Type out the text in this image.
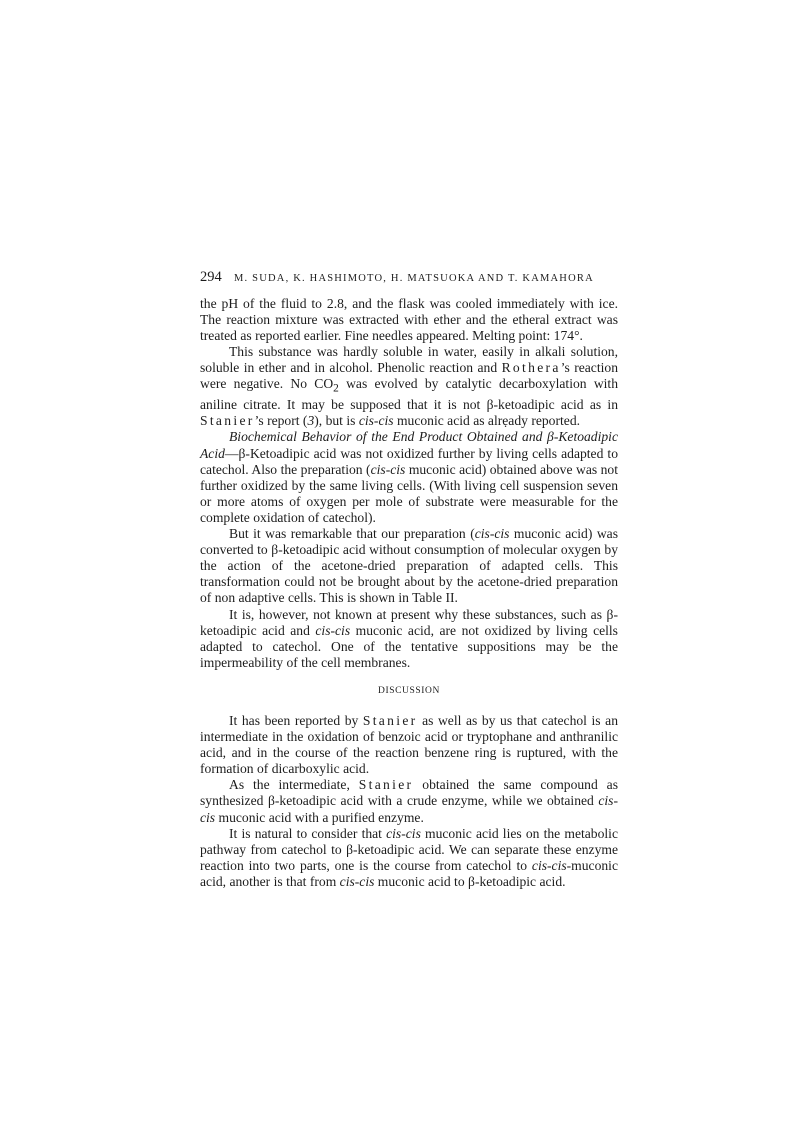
294 M. SUDA, K. HASHIMOTO, H. MATSUOKA AND T. KAMAHORA

the pH of the fluid to 2.8, and the flask was cooled immediately with ice. The reaction mixture was extracted with ether and the etheral extract was treated as reported earlier. Fine needles appeared. Melting point: 174°.

This substance was hardly soluble in water, easily in alkali solution, soluble in ether and in alcohol. Phenolic reaction and Rothera’s reaction were negative. No $CO_2$ was evolved by catalytic decarboxylation with aniline citrate. It may be supposed that it is not β-ketoadipic acid as in Stanier’s report (3), but is cis-cis muconic acid as alrẹady reported.

Biochemical Behavior of the End Product Obtained and β-Ketoadipic Acid—β-Ketoadipic acid was not oxidized further by living cells adapted to catechol. Also the preparation (cis-cis muconic acid) obtained above was not further oxidized by the same living cells. (With living cell suspension seven or more atoms of oxygen per mole of substrate were measurable for the complete oxidation of catechol).

But it was remarkable that our preparation (cis-cis muconic acid) was converted to β-ketoadipic acid without consumption of molecular oxygen by the action of the acetone-dried preparation of adapted cells. This transformation could not be brought about by the acetone-dried preparation of non adaptive cells. This is shown in Table II.

It is, however, not known at present why these substances, such as β-ketoadipic acid and cis-cis muconic acid, are not oxidized by living cells adapted to catechol. One of the tentative suppositions may be the impermeability of the cell membranes.

DISCUSSION

It has been reported by Stanier as well as by us that catechol is an intermediate in the oxidation of benzoic acid or tryptophane and anthranilic acid, and in the course of the reaction benzene ring is ruptured, with the formation of dicarboxylic acid.

As the intermediate, Stanier obtained the same compound as synthesized β-ketoadipic acid with a crude enzyme, while we obtained cis-cis muconic acid with a purified enzyme.

It is natural to consider that cis-cis muconic acid lies on the metabolic pathway from catechol to β-ketoadipic acid. We can separate these enzyme reaction into two parts, one is the course from catechol to cis-cis-muconic acid, another is that from cis-cis muconic acid to β-ketoadipic acid.
